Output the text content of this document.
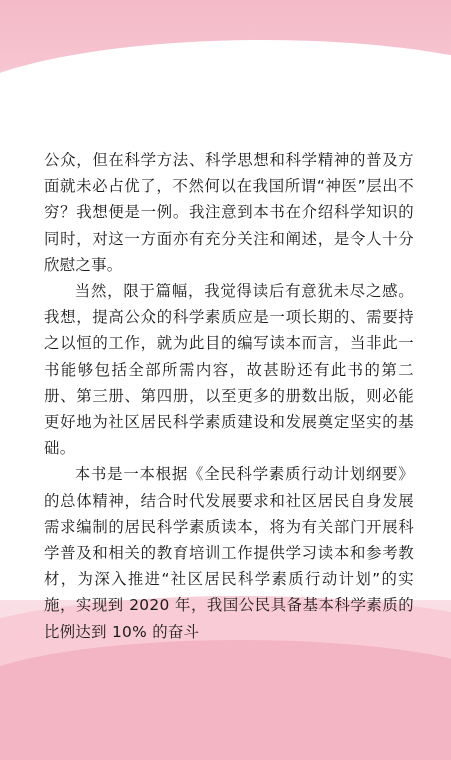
公众，但在科学方法、科学思想和科学精神的普及方面就未必占优了，不然何以在我国所谓“神医”层出不穷？我想便是一例。我注意到本书在介绍科学知识的同时，对这一方面亦有充分关注和阐述，是令人十分欣慰之事。

当然，限于篇幅，我觉得读后有意犹未尽之感。我想，提高公众的科学素质应是一项长期的、需要持之以恒的工作，就为此目的编写读本而言，当非此一书能够包括全部所需内容，故甚盼还有此书的第二册、第三册、第四册，以至更多的册数出版，则必能更好地为社区居民科学素质建设和发展奠定坚实的基础。

本书是一本根据《全民科学素质行动计划纲要》的总体精神，结合时代发展要求和社区居民自身发展需求编制的居民科学素质读本，将为有关部门开展科学普及和相关的教育培训工作提供学习读本和参考教材，为深入推进“社区居民科学素质行动计划”的实施，实现到 2020 年，我国公民具备基本科学素质的比例达到 10% 的奋斗
